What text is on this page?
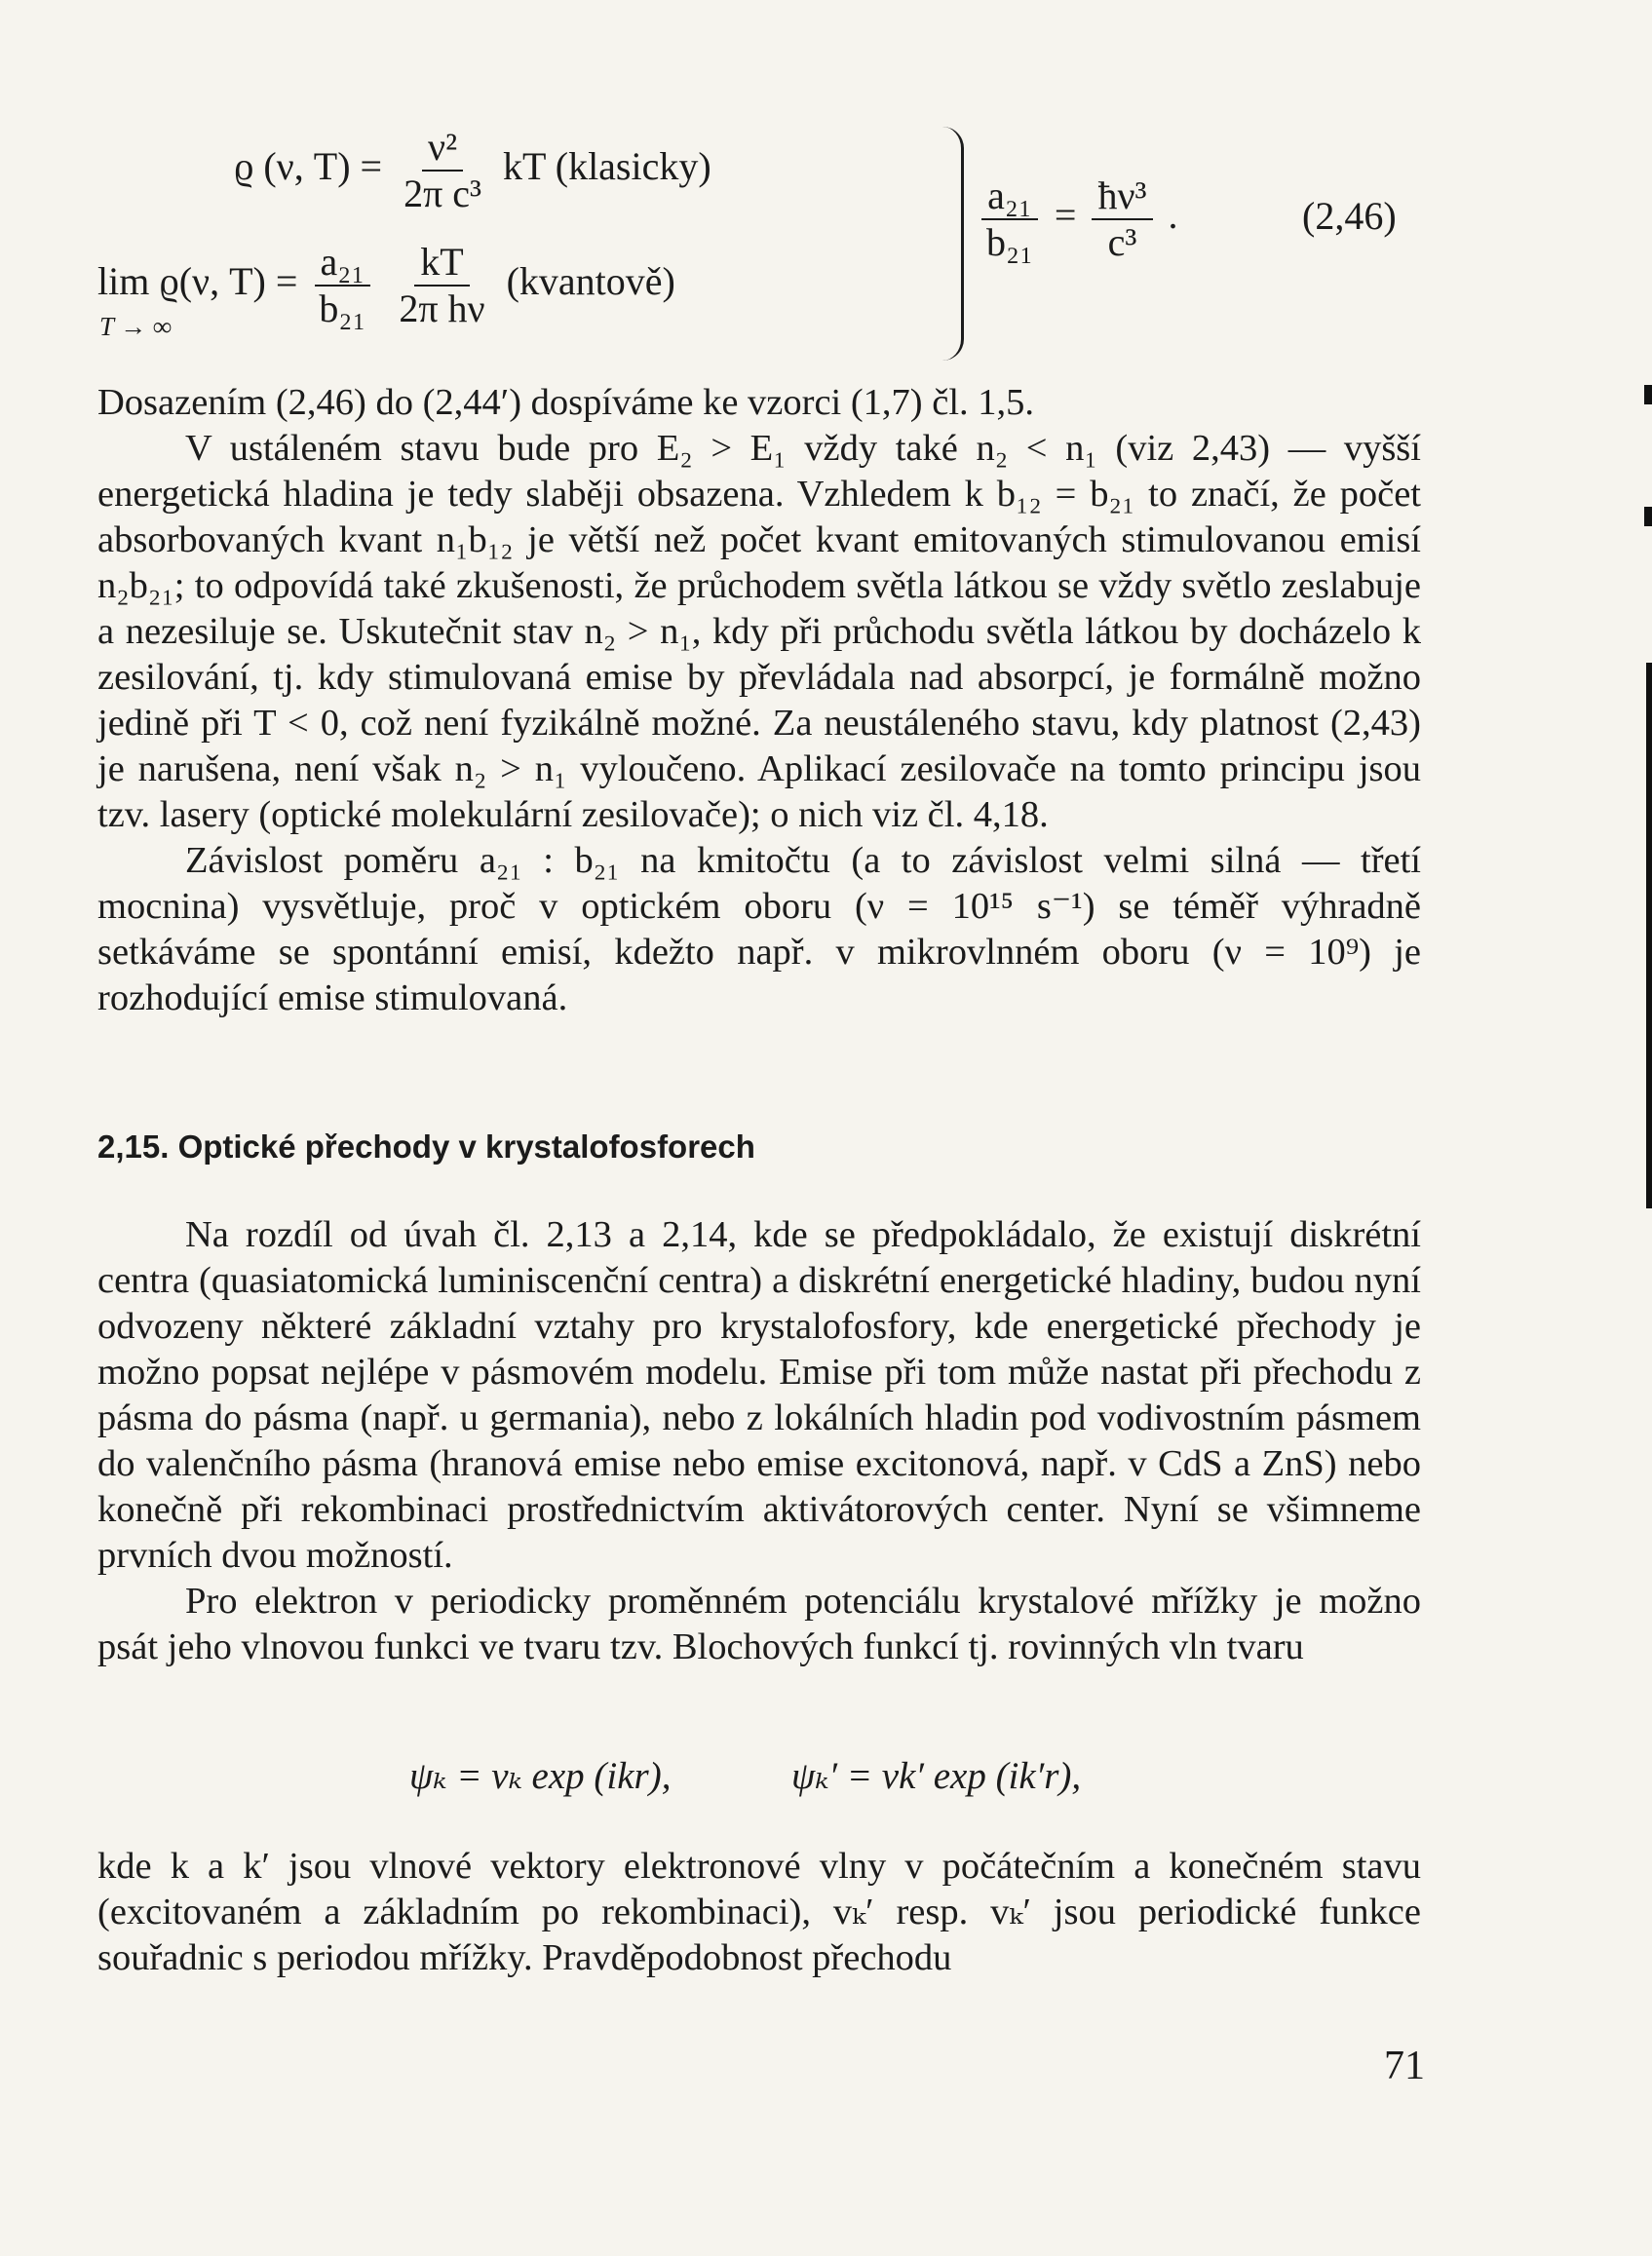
ϱ (ν, $T) = \frac{\text{ν²}}{\text{2π c³}}$ kT (klasicky)
lim ϱ(ν, $T) = \frac{\text{a₂₁}}{\text{b₂₁}}$
$\frac{kT}{\text{2π hν}}$ (kvantově)
T → ∞
$\frac{\text{a₂₁}}{\text{b₂₁}} = \frac{\text{ħν³}}{\text{c³}}$ .	(2,46)

Dosazením (2,46) do (2,44′) dospíváme ke vzorci (1,7) čl. 1,5.

V ustáleném stavu bude pro E₂ > E₁ vždy také n₂ < n₁ (viz 2,43) — vyšší energetická hladina je tedy slaběji obsazena. Vzhledem k b₁₂ = b₂₁ to značí, že počet absorbovaných kvant n₁b₁₂ je větší než počet kvant emitovaných stimulovanou emisí n₂b₂₁; to odpovídá také zkušenosti, že průchodem světla látkou se vždy světlo zeslabuje a nezesiluje se. Uskutečnit stav n₂ > n₁, kdy při průchodu světla látkou by docházelo k zesilování, tj. kdy stimulovaná emise by převládala nad absorpcí, je formálně možno jedině při T < 0, což není fyzikálně možné. Za neustáleného stavu, kdy platnost (2,43) je narušena, není však n₂ > n₁ vyloučeno. Aplikací zesilovače na tomto principu jsou tzv. lasery (optické molekulární zesilovače); o nich viz čl. 4,18.

Závislost poměru a₂₁ : b₂₁ na kmitočtu (a to závislost velmi silná — třetí mocnina) vysvětluje, proč v optickém oboru (ν = 10¹⁵ s⁻¹) se téměř výhradně setkáváme se spontánní emisí, kdežto např. v mikrovlnném oboru (ν = 10⁹) je rozhodující emise stimulovaná.

2,15. Optické přechody v krystalofosforech

Na rozdíl od úvah čl. 2,13 a 2,14, kde se předpokládalo, že existují diskrétní centra (quasiatomická luminiscenční centra) a diskrétní energetické hladiny, budou nyní odvozeny některé základní vztahy pro krystalofosfory, kde energetické přechody je možno popsat nejlépe v pásmovém modelu. Emise při tom může nastat při přechodu z pásma do pásma (např. u germania), nebo z lokálních hladin pod vodivostním pásmem do valenčního pásma (hranová emise nebo emise excitonová, např. v CdS a ZnS) nebo konečně při rekombinaci prostřednictvím aktivátorových center. Nyní se všimneme prvních dvou možností.

Pro elektron v periodicky proměnném potenciálu krystalové mřížky je možno psát jeho vlnovou funkci ve tvaru tzv. Blochových funkcí tj. rovinných vln tvaru

ψₖ = vₖ exp (ikr),	ψₖ′ = vk′ exp (ik′r),

kde k a k′ jsou vlnové vektory elektronové vlny v počátečním a konečném stavu (excitovaném a základním po rekombinaci), vₖ′ resp. vₖ′ jsou periodické funkce souřadnic s periodou mřížky. Pravděpodobnost přechodu

71
